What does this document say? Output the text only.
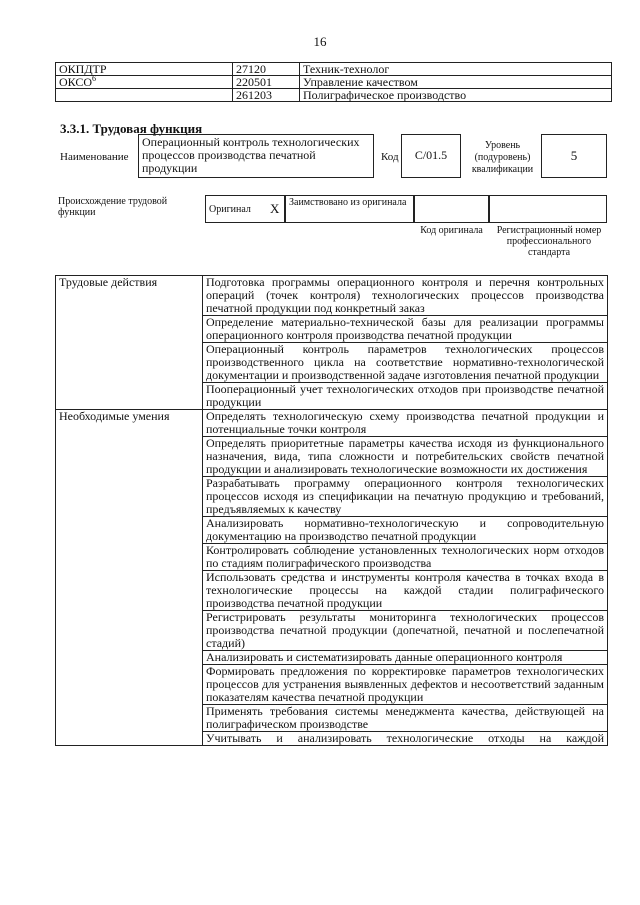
16
ОКПДТР	27120	Техник-технолог
ОКСО$^6$	220501	Управление качеством
	261203	Полиграфическое производство
3.3.1. Трудовая функция
Наименование
Операционный контроль технологических процессов производства печатной продукции
Код	С/01.5
Уровень (подуровень) квалификации
5
Происхождение трудовой функции	Оригинал X Заимствовано из оригинала
Код оригинала	Регистрационный номер профессионального стандарта
Трудовые действия	Подготовка программы операционного контроля и перечня контрольных операций (точек контроля) технологических процессов производства печатной продукции под конкретный заказ
	Определение материально-технической базы для реализации программы операционного контроля производства печатной продукции
	Операционный контроль параметров технологических процессов производственного цикла на соответствие нормативно-технологической документации и производственной задаче изготовления печатной продукции
	Пооперационный учет технологических отходов при производстве печатной продукции
Необходимые умения	Определять технологическую схему производства печатной продукции и потенциальные точки контроля
	Определять приоритетные параметры качества исходя из функционального назначения, вида, типа сложности и потребительских свойств печатной продукции и анализировать технологические возможности их достижения
	Разрабатывать программу операционного контроля технологических процессов исходя из спецификации на печатную продукцию и требований, предъявляемых к качеству
	Анализировать нормативно-технологическую и сопроводительную документацию на производство печатной продукции
	Контролировать соблюдение установленных технологических норм отходов по стадиям полиграфического производства
	Использовать средства и инструменты контроля качества в точках входа в технологические процессы на каждой стадии полиграфического производства печатной продукции
	Регистрировать результаты мониторинга технологических процессов производства печатной продукции (допечатной, печатной и послепечатной стадий)
	Анализировать и систематизировать данные операционного контроля
	Формировать предложения по корректировке параметров технологических процессов для устранения выявленных дефектов и несоответствий заданным показателям качества печатной продукции
	Применять требования системы менеджмента качества, действующей на полиграфическом производстве
	Учитывать и анализировать технологические отходы на каждой
